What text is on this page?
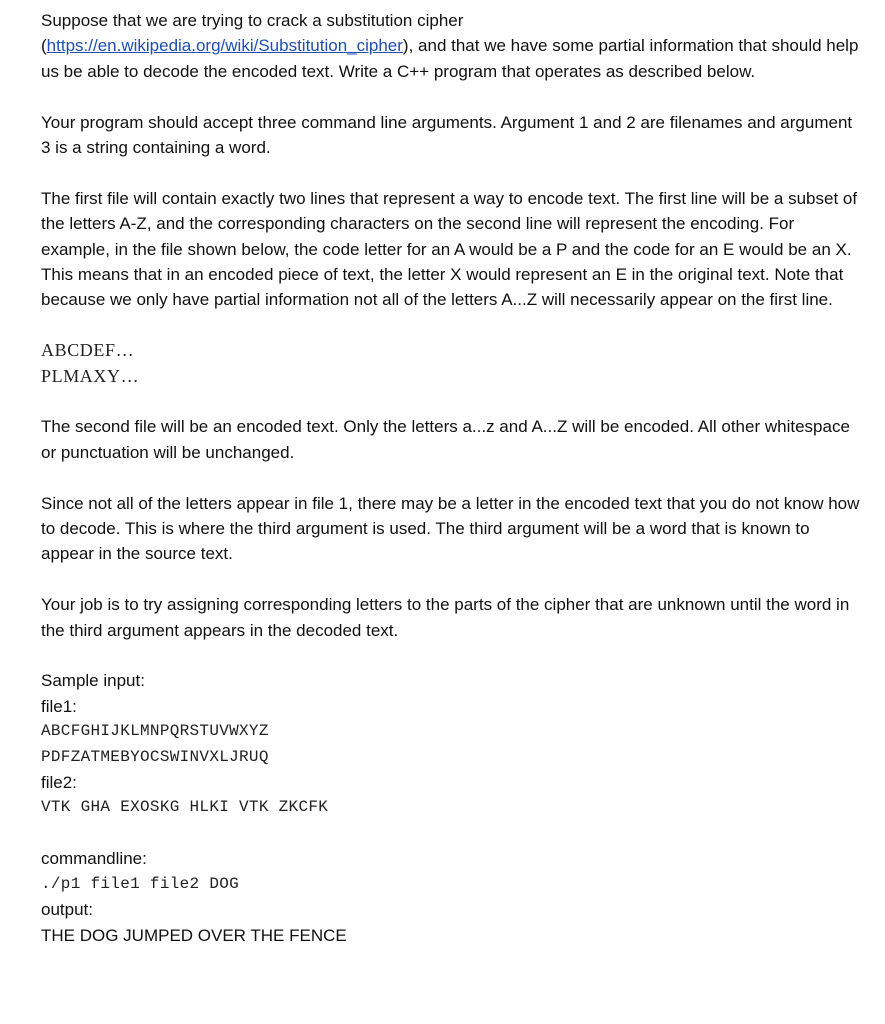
Suppose that we are trying to crack a substitution cipher
(https://en.wikipedia.org/wiki/Substitution_cipher), and that we have some partial information that should help us be able to decode the encoded text. Write a C++ program that operates as described below.

Your program should accept three command line arguments. Argument 1 and 2 are filenames and argument 3 is a string containing a word.

The first file will contain exactly two lines that represent a way to encode text. The first line will be a subset of the letters A-Z, and the corresponding characters on the second line will represent the encoding. For example, in the file shown below, the code letter for an A would be a P and the code for an E would be an X. This means that in an encoded piece of text, the letter X would represent an E in the original text. Note that because we only have partial information not all of the letters A...Z will necessarily appear on the first line.

ABCDEF…
PLMAXY…

The second file will be an encoded text. Only the letters a...z and A...Z will be encoded. All other whitespace or punctuation will be unchanged.

Since not all of the letters appear in file 1, there may be a letter in the encoded text that you do not know how to decode. This is where the third argument is used. The third argument will be a word that is known to appear in the source text.

Your job is to try assigning corresponding letters to the parts of the cipher that are unknown until the word in the third argument appears in the decoded text.

Sample input:
file1:
ABCFGHIJKLMNPQRSTUVWXYZ
PDFZATMEBYOCSWINVXLJRUQ
file2:
VTK GHA EXOSKG HLKI VTK ZKCFK
commandline:
./p1 file1 file2 DOG
output:
THE DOG JUMPED OVER THE FENCE
